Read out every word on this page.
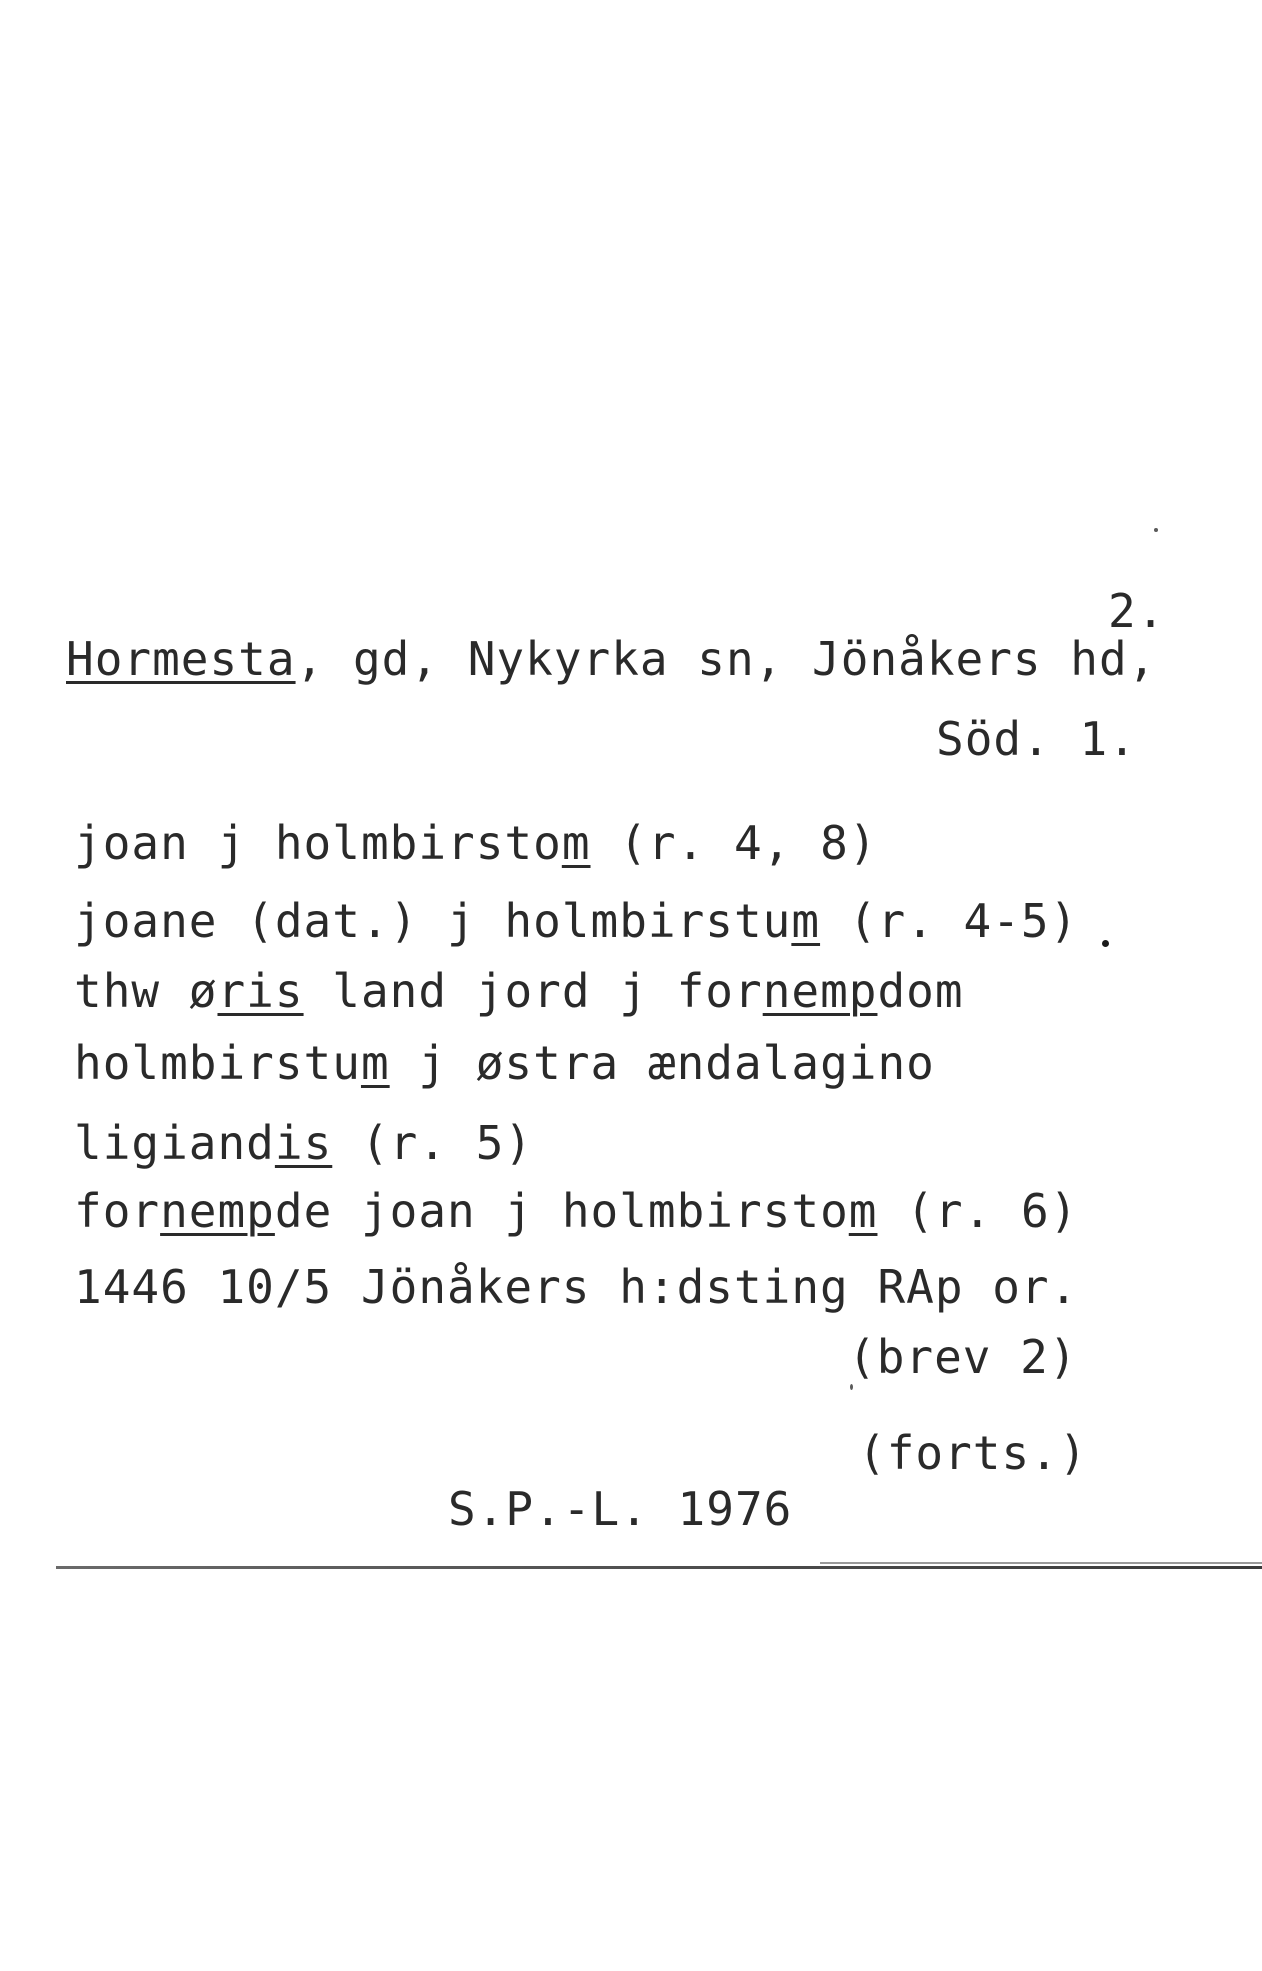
2.
Hormesta, gd, Nykyrka sn, Jönåkers hd,
Söd. 1.
joan j holmbirstom (r. 4, 8)
joane (dat.) j holmbirstum (r. 4-5)
thw øris land jord j fornempdom
holmbirstum j østra ændalagino
ligiandis (r. 5)
fornempde joan j holmbirstom (r. 6)
1446 10/5 Jönåkers h:dsting RAp or.
(brev 2)
(forts.)
S.P.-L. 1976
